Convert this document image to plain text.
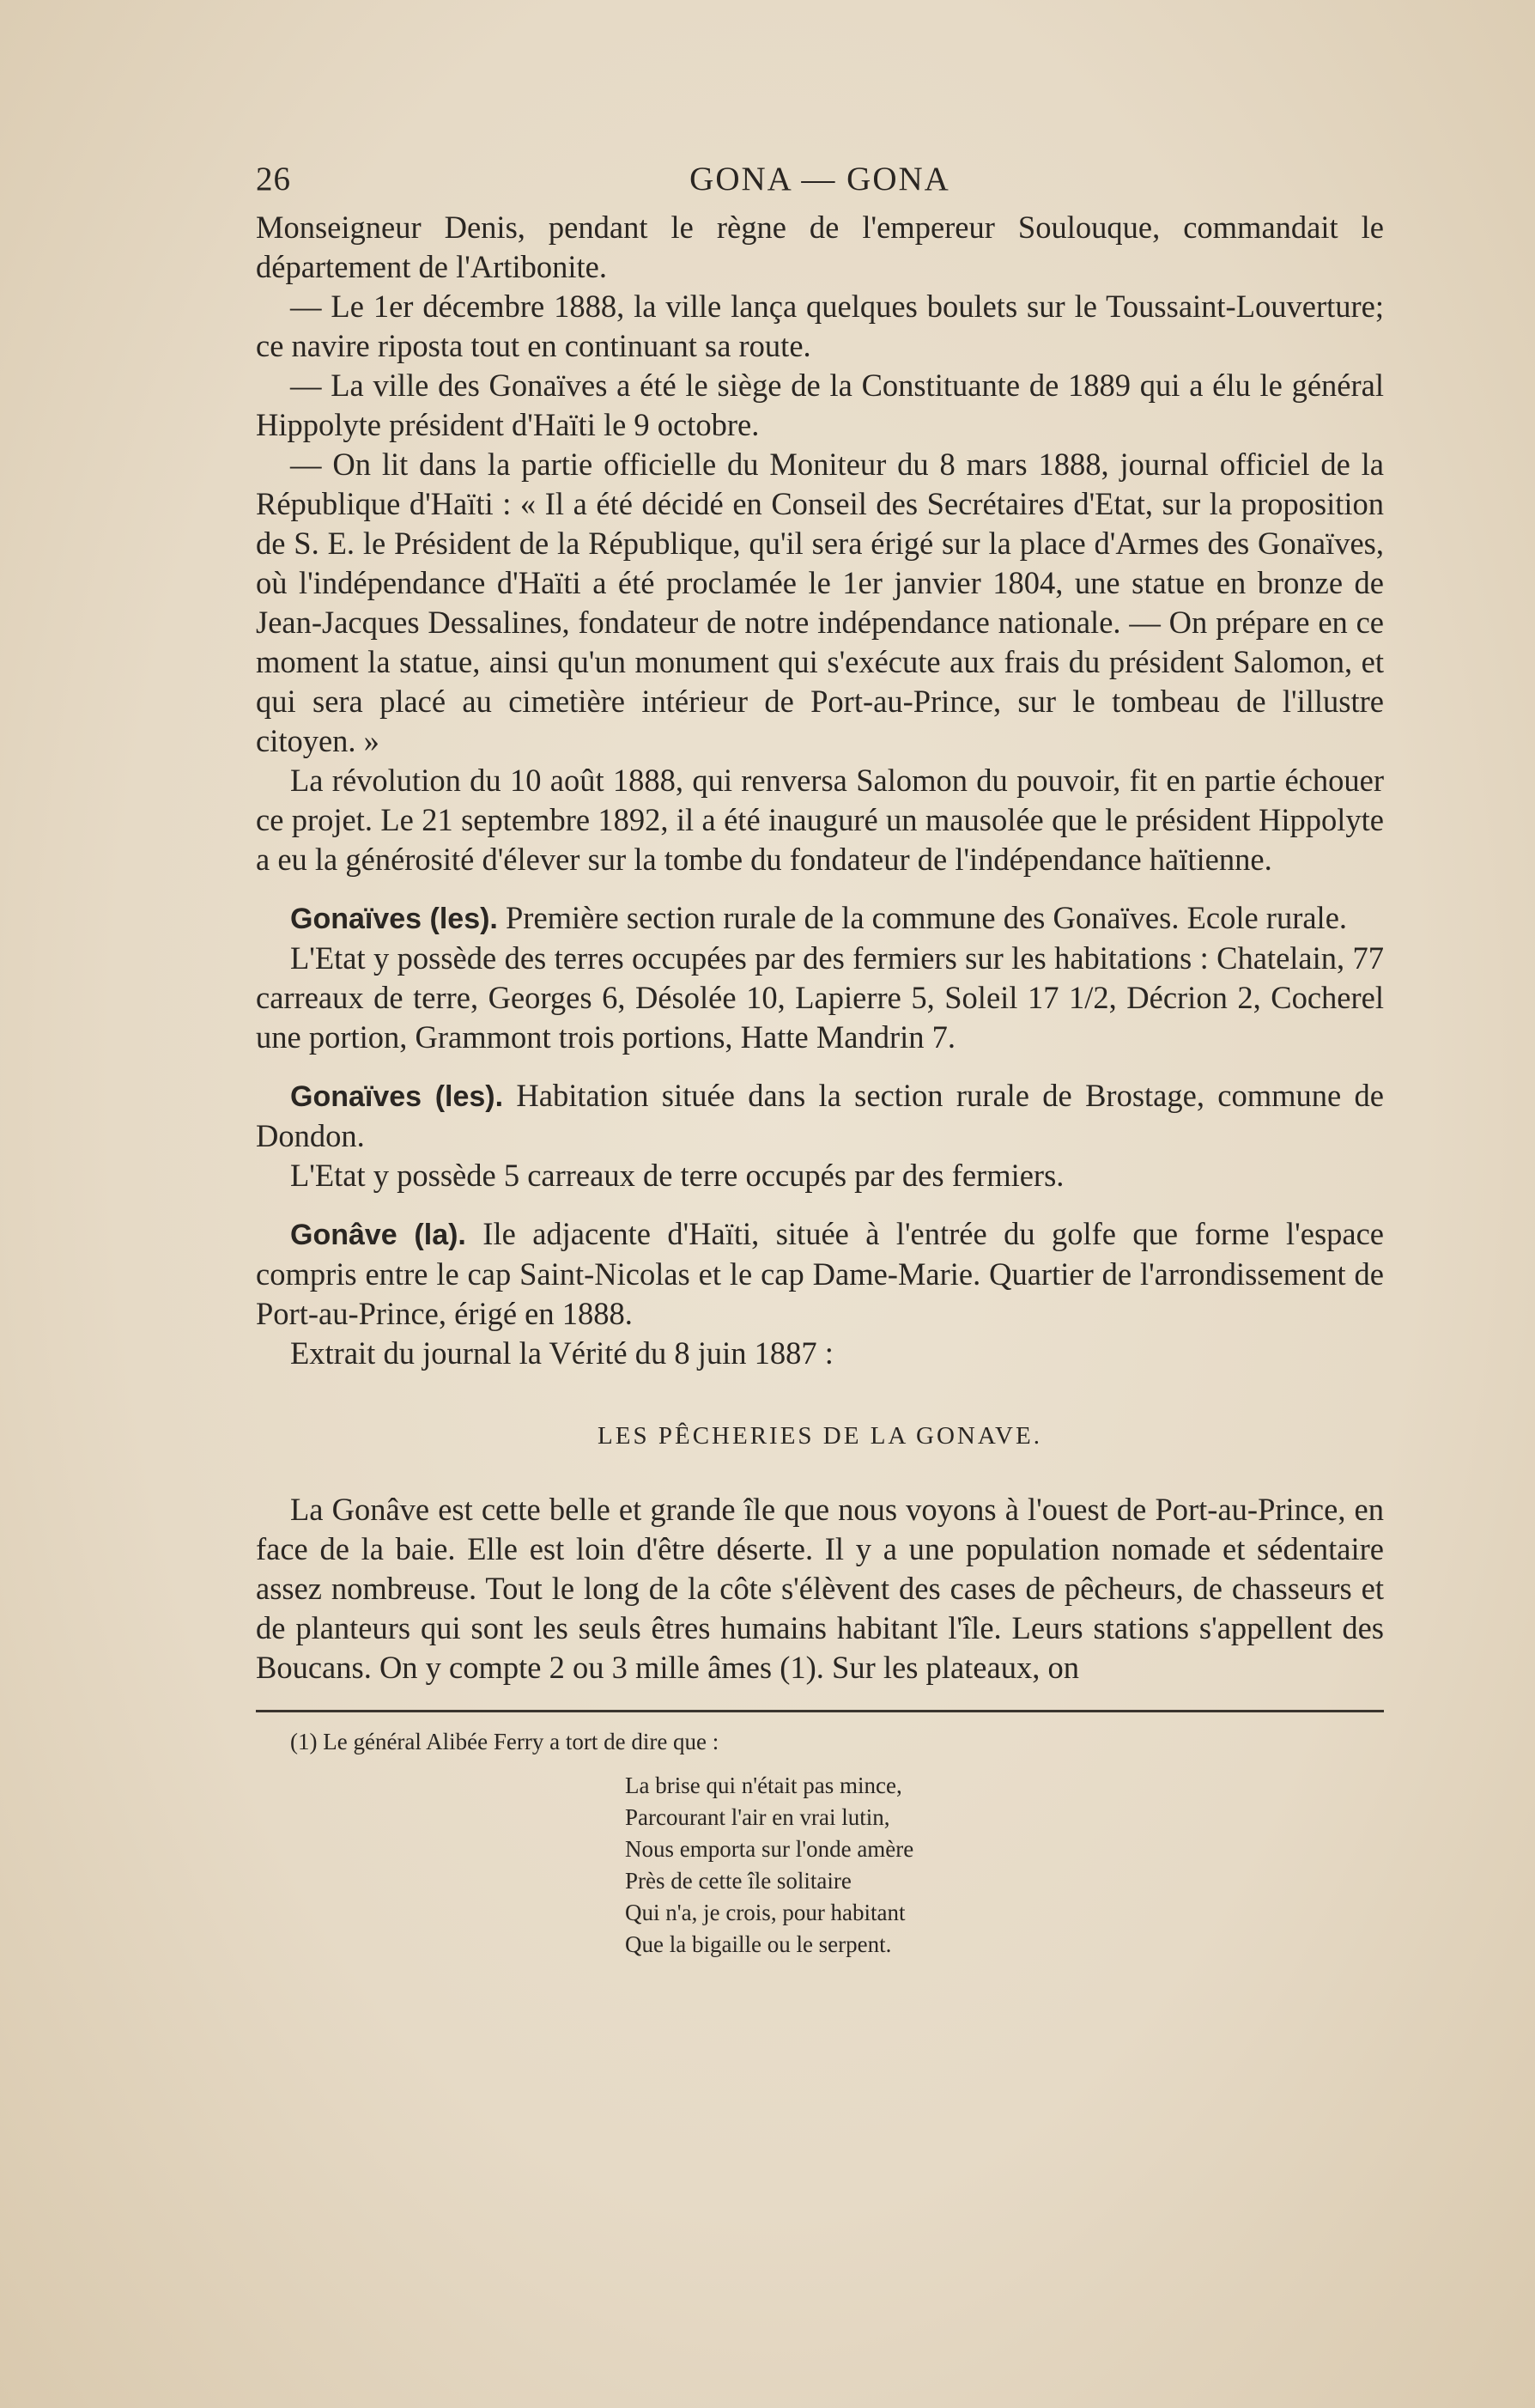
26	GONA — GONA

Monseigneur Denis, pendant le règne de l'empereur Soulouque, commandait le département de l'Artibonite.

— Le 1er décembre 1888, la ville lança quelques boulets sur le Toussaint-Louverture; ce navire riposta tout en continuant sa route.

— La ville des Gonaïves a été le siège de la Constituante de 1889 qui a élu le général Hippolyte président d'Haïti le 9 octobre.

— On lit dans la partie officielle du Moniteur du 8 mars 1888, journal officiel de la République d'Haïti : « Il a été décidé en Conseil des Secrétaires d'Etat, sur la proposition de S. E. le Président de la République, qu'il sera érigé sur la place d'Armes des Gonaïves, où l'indépendance d'Haïti a été proclamée le 1er janvier 1804, une statue en bronze de Jean-Jacques Dessalines, fondateur de notre indépendance nationale. — On prépare en ce moment la statue, ainsi qu'un monument qui s'exécute aux frais du président Salomon, et qui sera placé au cimetière intérieur de Port-au-Prince, sur le tombeau de l'illustre citoyen. »

La révolution du 10 août 1888, qui renversa Salomon du pouvoir, fit en partie échouer ce projet. Le 21 septembre 1892, il a été inauguré un mausolée que le président Hippolyte a eu la générosité d'élever sur la tombe du fondateur de l'indépendance haïtienne.

Gonaïves (les). Première section rurale de la commune des Gonaïves. Ecole rurale.

L'Etat y possède des terres occupées par des fermiers sur les habitations : Chatelain, 77 carreaux de terre, Georges 6, Désolée 10, Lapierre 5, Soleil 17 1/2, Décrion 2, Cocherel une portion, Grammont trois portions, Hatte Mandrin 7.

Gonaïves (les). Habitation située dans la section rurale de Brostage, commune de Dondon.

L'Etat y possède 5 carreaux de terre occupés par des fermiers.

Gonâve (la). Ile adjacente d'Haïti, située à l'entrée du golfe que forme l'espace compris entre le cap Saint-Nicolas et le cap Dame-Marie. Quartier de l'arrondissement de Port-au-Prince, érigé en 1888.

Extrait du journal la Vérité du 8 juin 1887 :

LES PÊCHERIES DE LA GONAVE.

La Gonâve est cette belle et grande île que nous voyons à l'ouest de Port-au-Prince, en face de la baie. Elle est loin d'être déserte. Il y a une population nomade et sédentaire assez nombreuse. Tout le long de la côte s'élèvent des cases de pêcheurs, de chasseurs et de planteurs qui sont les seuls êtres humains habitant l'île. Leurs stations s'appellent des Boucans. On y compte 2 ou 3 mille âmes (1). Sur les plateaux, on

(1) Le général Alibée Ferry a tort de dire que :
La brise qui n'était pas mince,
Parcourant l'air en vrai lutin,
Nous emporta sur l'onde amère
Près de cette île solitaire
Qui n'a, je crois, pour habitant
Que la bigaille ou le serpent.
